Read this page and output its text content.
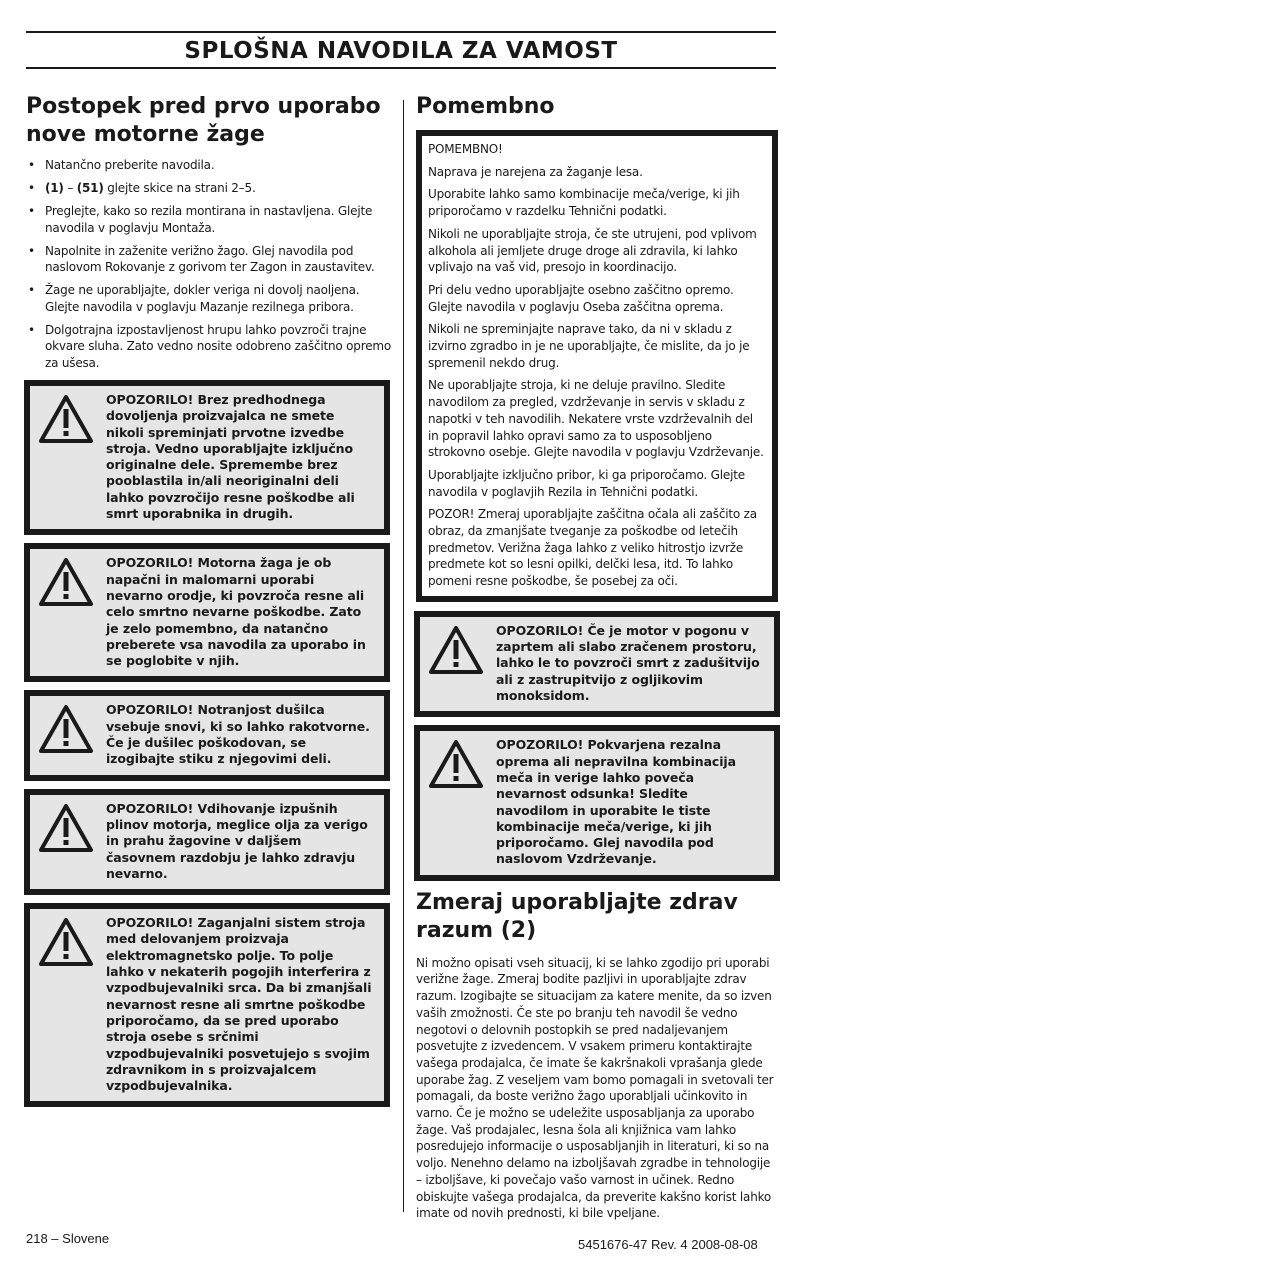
SPLOŠNA NAVODILA ZA VAMOST
Postopek pred prvo uporabo nove motorne žage
• Natančno preberite navodila.
• (1) – (51) glejte skice na strani 2–5.
• Preglejte, kako so rezila montirana in nastavljena. Glejte navodila v poglavju Montaža.
• Napolnite in zaženite verižno žago. Glej navodila pod naslovom Rokovanje z gorivom ter Zagon in zaustavitev.
• Žage ne uporabljajte, dokler veriga ni dovolj naoljena. Glejte navodila v poglavju Mazanje rezilnega pribora.
• Dolgotrajna izpostavljenost hrupu lahko povzroči trajne okvare sluha. Zato vedno nosite odobreno zaščitno opremo za ušesa.
OPOZORILO! Brez predhodnega dovoljenja proizvajalca ne smete nikoli spreminjati prvotne izvedbe stroja. Vedno uporabljajte izključno originalne dele. Spremembe brez pooblastila in/ali neoriginalni deli lahko povzročijo resne poškodbe ali smrt uporabnika in drugih.
OPOZORILO! Motorna žaga je ob napačni in malomarni uporabi nevarno orodje, ki povzroča resne ali celo smrtno nevarne poškodbe. Zato je zelo pomembno, da natančno preberete vsa navodila za uporabo in se poglobite v njih.
OPOZORILO! Notranjost dušilca vsebuje snovi, ki so lahko rakotvorne. Če je dušilec poškodovan, se izogibajte stiku z njegovimi deli.
OPOZORILO! Vdihovanje izpušnih plinov motorja, meglice olja za verigo in prahu žagovine v daljšem časovnem razdobju je lahko zdravju nevarno.
OPOZORILO! Zaganjalni sistem stroja med delovanjem proizvaja elektromagnetsko polje. To polje lahko v nekaterih pogojih interferira z vzpodbujevalniki srca. Da bi zmanjšali nevarnost resne ali smrtne poškodbe priporočamo, da se pred uporabo stroja osebe s srčnimi vzpodbujevalniki posvetujejo s svojim zdravnikom in s proizvajalcem vzpodbujevalnika.
Pomembno

POMEMBNO!

Naprava je narejena za žaganje lesa.

Uporabite lahko samo kombinacije meča/verige, ki jih priporočamo v razdelku Tehnični podatki.

Nikoli ne uporabljajte stroja, če ste utrujeni, pod vplivom alkohola ali jemljete druge droge ali zdravila, ki lahko vplivajo na vaš vid, presojo in koordinacijo.

Pri delu vedno uporabljajte osebno zaščitno opremo. Glejte navodila v poglavju Oseba zaščitna oprema.

Nikoli ne spreminjajte naprave tako, da ni v skladu z izvirno zgradbo in je ne uporabljajte, če mislite, da jo je spremenil nekdo drug.

Ne uporabljajte stroja, ki ne deluje pravilno. Sledite navodilom za pregled, vzdrževanje in servis v skladu z napotki v teh navodilih. Nekatere vrste vzdrževalnih del in popravil lahko opravi samo za to usposobljeno strokovno osebje. Glejte navodila v poglavju Vzdrževanje.

Uporabljajte izključno pribor, ki ga priporočamo. Glejte navodila v poglavjih Rezila in Tehnični podatki.

POZOR! Zmeraj uporabljajte zaščitna očala ali zaščito za obraz, da zmanjšate tveganje za poškodbe od letečih predmetov. Verižna žaga lahko z veliko hitrostjo izvrže predmete kot so lesni opilki, delčki lesa, itd. To lahko pomeni resne poškodbe, še posebej za oči.

OPOZORILO! Če je motor v pogonu v zaprtem ali slabo zračenem prostoru, lahko le to povzroči smrt z zadušitvijo ali z zastrupitvijo z ogljikovim monoksidom.
OPOZORILO! Pokvarjena rezalna oprema ali nepravilna kombinacija meča in verige lahko poveča nevarnost odsunka! Sledite navodilom in uporabite le tiste kombinacije meča/verige, ki jih priporočamo. Glej navodila pod naslovom Vzdrževanje.
Zmeraj uporabljajte zdrav razum (2)

Ni možno opisati vseh situacij, ki se lahko zgodijo pri uporabi verižne žage. Zmeraj bodite pazljivi in uporabljajte zdrav razum. Izogibajte se situacijam za katere menite, da so izven vaših zmožnosti. Če ste po branju teh navodil še vedno negotovi o delovnih postopkih se pred nadaljevanjem posvetujte z izvedencem. V vsakem primeru kontaktirajte vašega prodajalca, če imate še kakršnakoli vprašanja glede uporabe žag. Z veseljem vam bomo pomagali in svetovali ter pomagali, da boste verižno žago uporabljali učinkovito in varno. Če je možno se udeležite usposabljanja za uporabo žage. Vaš prodajalec, lesna šola ali knjižnica vam lahko posredujejo informacije o usposabljanjih in literaturi, ki so na voljo. Nenehno delamo na izboljšavah zgradbe in tehnologije – izboljšave, ki povečajo vašo varnost in učinek. Redno obiskujte vašega prodajalca, da preverite kakšno korist lahko imate od novih prednosti, ki bile vpeljane.

218 – Slovene	5451676-47 Rev. 4 2008-08-08
